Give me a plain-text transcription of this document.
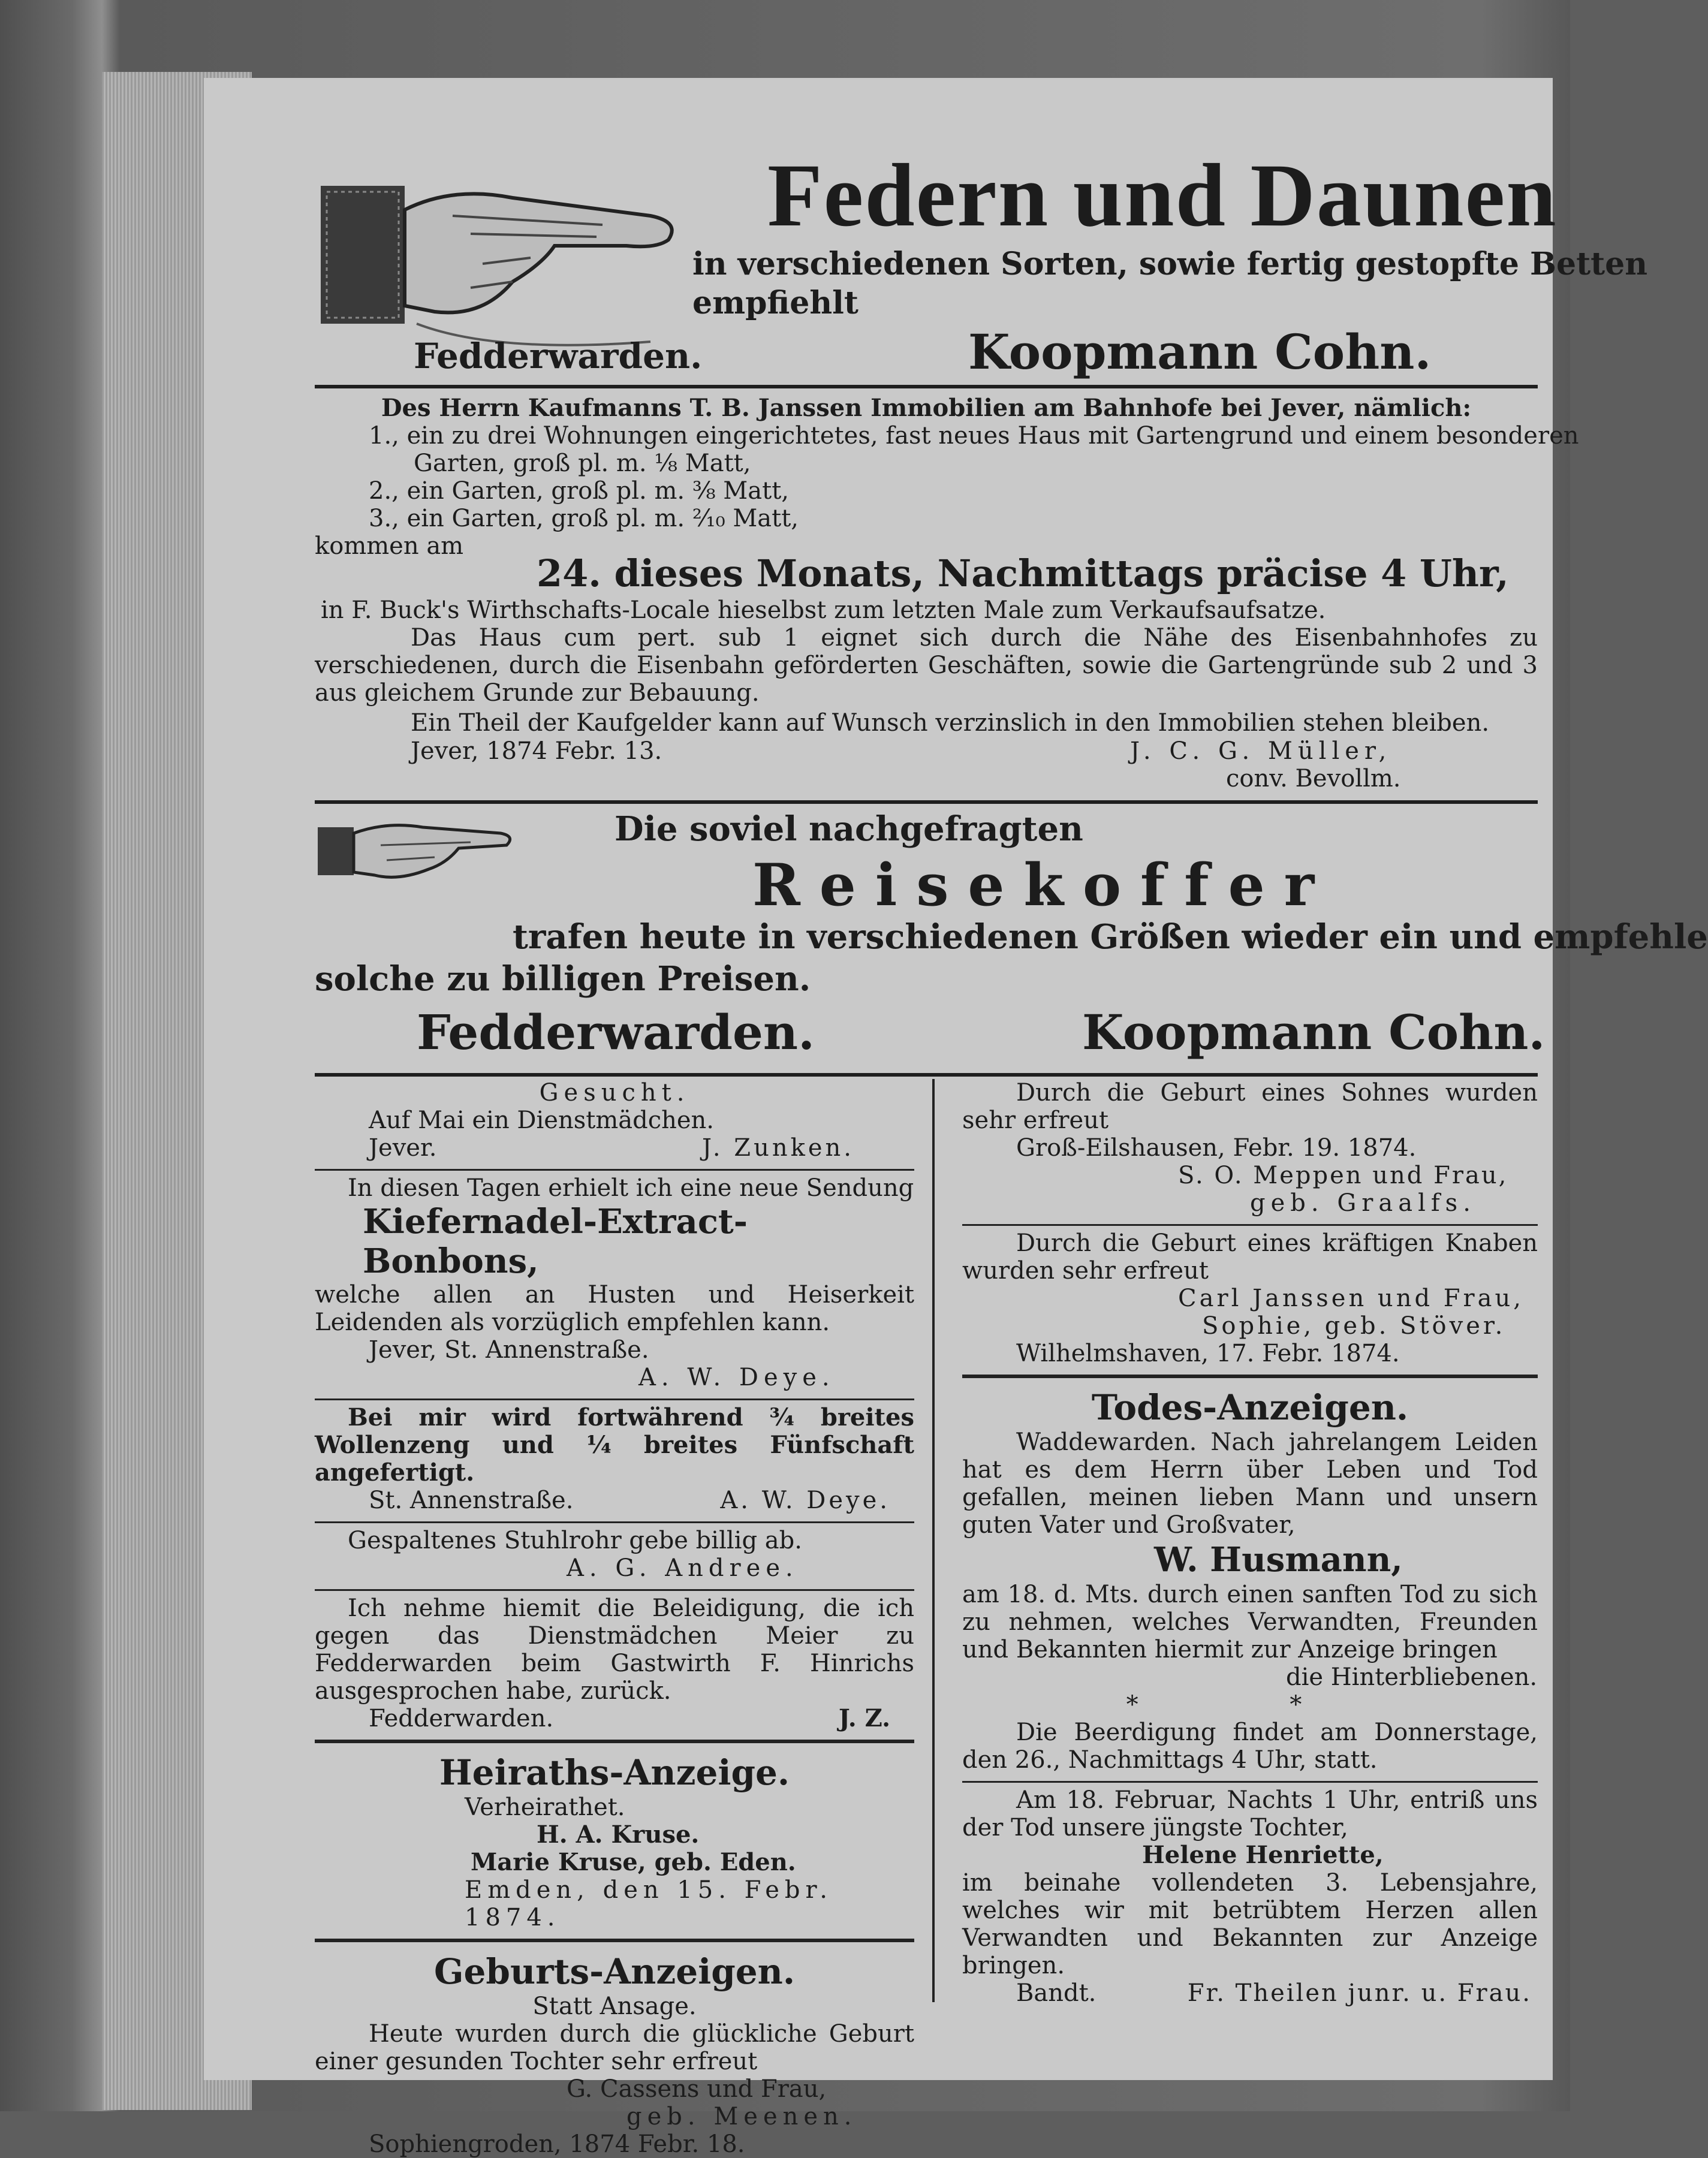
Federn und Daunen
in verschiedenen Sorten, sowie fertig gestopfte Betten
empfiehlt
Fedderwarden.	Koopmann Cohn.
Des Herrn Kaufmanns T. B. Janssen Immobilien am Bahnhofe bei Jever, nämlich:
1., ein zu drei Wohnungen eingerichtetes, fast neues Haus mit Gartengrund und einem besonderen
Garten, groß pl. m. ⅛ Matt,
2., ein Garten, groß pl. m. ⅜ Matt,
3., ein Garten, groß pl. m. ²⁄₁₀ Matt,
kommen am
24. dieses Monats, Nachmittags präcise 4 Uhr,
in F. Buck's Wirthschafts-Locale hieselbst zum letzten Male zum Verkaufsaufsatze.
Das Haus cum pert. sub 1 eignet sich durch die Nähe des Eisenbahnhofes zu verschiedenen, durch die Eisenbahn geförderten Geschäften, sowie die Gartengründe sub 2 und 3 aus gleichem Grunde zur Bebauung.
Ein Theil der Kaufgelder kann auf Wunsch verzinslich in den Immobilien stehen bleiben.
Jever, 1874 Febr. 13.	J. C. G. Müller,
conv. Bevollm.
Die soviel nachgefragten
Reisekoffer
trafen heute in verschiedenen Größen wieder ein und empfehle
solche zu billigen Preisen.
Fedderwarden.	Koopmann Cohn.
Gesucht.
Auf Mai ein Dienstmädchen.
Jever.	J. Zunken.
In diesen Tagen erhielt ich eine neue Sendung
Kiefernadel-Extract-Bonbons,
welche allen an Husten und Heiserkeit Leidenden als vorzüglich empfehlen kann.
Jever, St. Annenstraße.
A. W. Deye.
Bei mir wird fortwährend ¾ breites Wollenzeng und ¼ breites Fünfschaft angefertigt.
St. Annenstraße.	A. W. Deye.
Gespaltenes Stuhlrohr gebe billig ab.
A. G. Andree.
Ich nehme hiemit die Beleidigung, die ich gegen das Dienstmädchen Meier zu Fedderwarden beim Gastwirth F. Hinrichs ausgesprochen habe, zurück.
Fedderwarden.	J. Z.
Heiraths-Anzeige.
Verheirathet.
H. A. Kruse.
Marie Kruse, geb. Eden.
Emden, den 15. Febr. 1874.
Geburts-Anzeigen.
Statt Ansage.
Heute wurden durch die glückliche Geburt einer gesunden Tochter sehr erfreut
G. Cassens und Frau,
geb. Meenen.
Sophiengroden, 1874 Febr. 18.
Durch die Geburt eines Sohnes wurden sehr erfreut
Groß-Eilshausen, Febr. 19. 1874.
S. O. Meppen und Frau,
geb. Graalfs.
Durch die Geburt eines kräftigen Knaben wurden sehr erfreut
Carl Janssen und Frau,
Sophie, geb. Stöver.
Wilhelmshaven, 17. Febr. 1874.
Todes-Anzeigen.
Waddewarden. Nach jahrelangem Leiden hat es dem Herrn über Leben und Tod gefallen, meinen lieben Mann und unsern guten Vater und Großvater,
W. Husmann,
am 18. d. Mts. durch einen sanften Tod zu sich zu nehmen, welches Verwandten, Freunden und Bekannten hiermit zur Anzeige bringen
die Hinterbliebenen.
* *
Die Beerdigung findet am Donnerstage, den 26., Nachmittags 4 Uhr, statt.
Am 18. Februar, Nachts 1 Uhr, entriß uns der Tod unsere jüngste Tochter,
Helene Henriette,
im beinahe vollendeten 3. Lebensjahre, welches wir mit betrübtem Herzen allen Verwandten und Bekannten zur Anzeige bringen.
Bandt.	Fr. Theilen junr. u. Frau.
